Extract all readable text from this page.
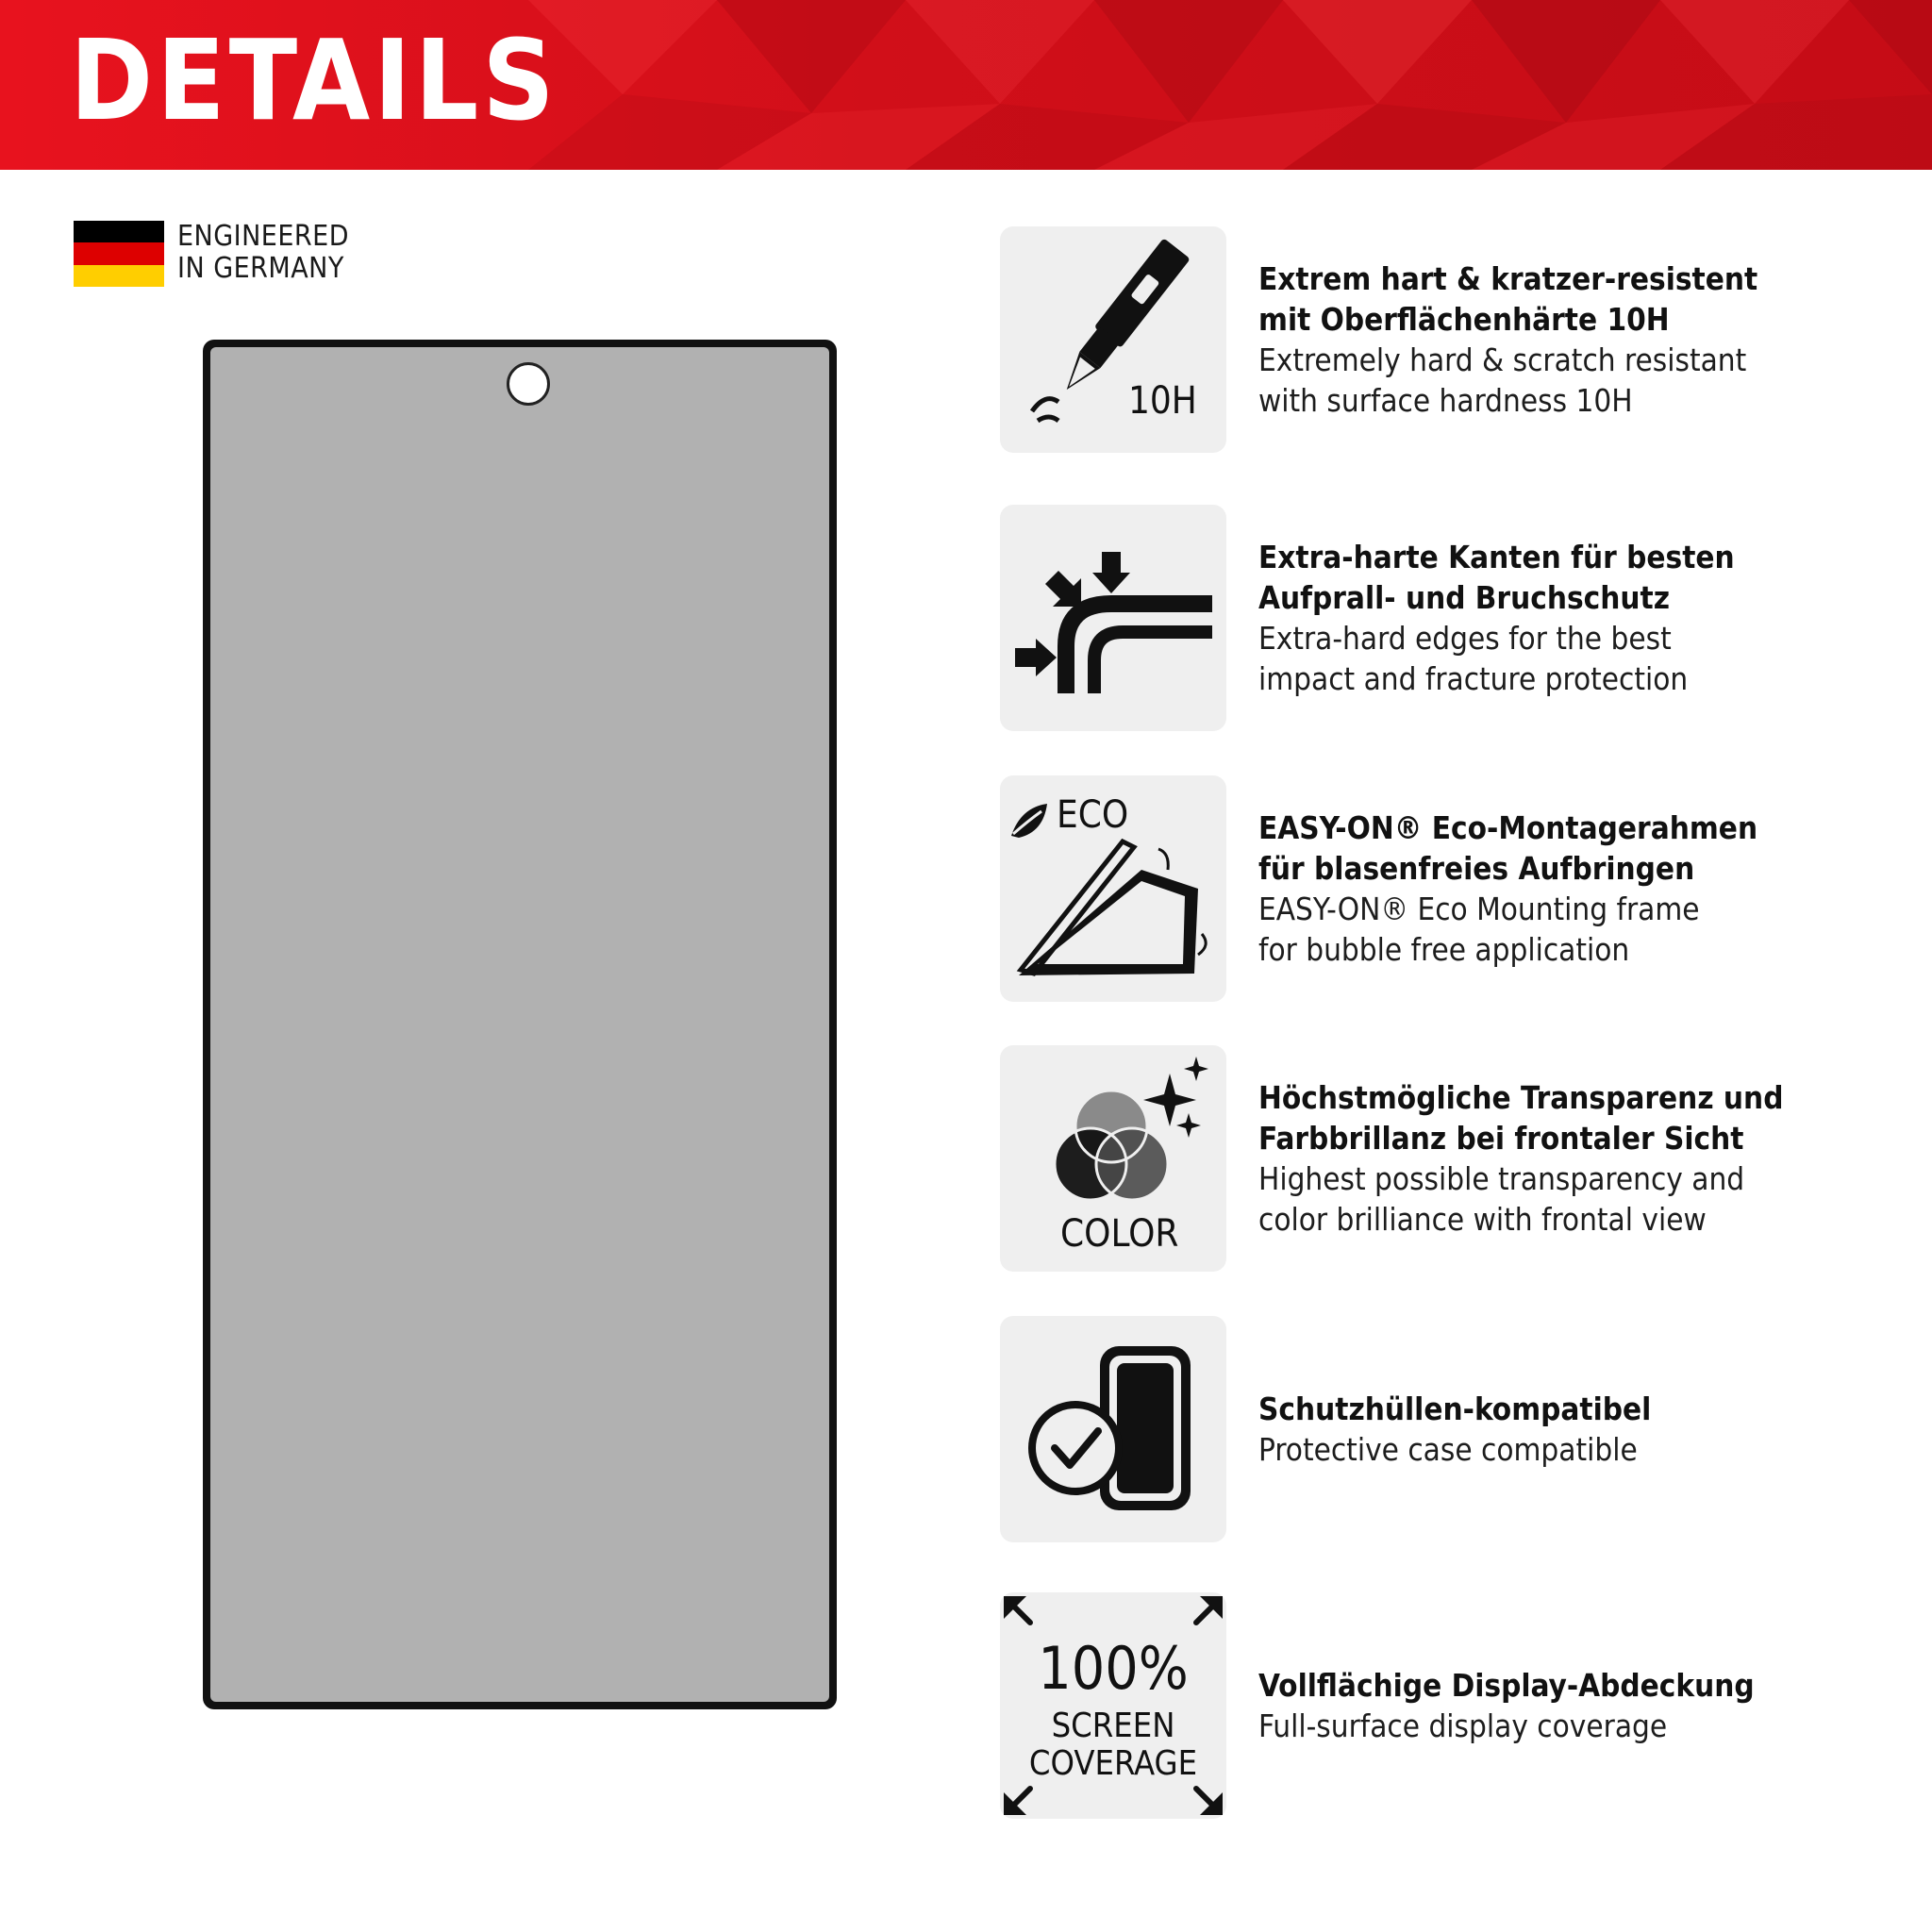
DETAILS
ENGINEERED
IN GERMANY
10H
Extrem hart & kratzer-resistent
mit Oberflächenhärte 10H
Extremely hard & scratch resistant
with surface hardness 10H
Extra-harte Kanten für besten
Aufprall- und Bruchschutz
Extra-hard edges for the best
impact and fracture protection
ECO	EASY-ON® Eco-Montagerahmen
für blasenfreies Aufbringen
EASY-ON® Eco Mounting frame
for bubble free application
COLOR
Höchstmögliche Transparenz und
Farbbrillanz bei frontaler Sicht
Highest possible transparency and
color brilliance with frontal view
Schutzhüllen-kompatibel
Protective case compatible
100%
SCREEN
COVERAGE
Vollflächige Display-Abdeckung
Full-surface display coverage
